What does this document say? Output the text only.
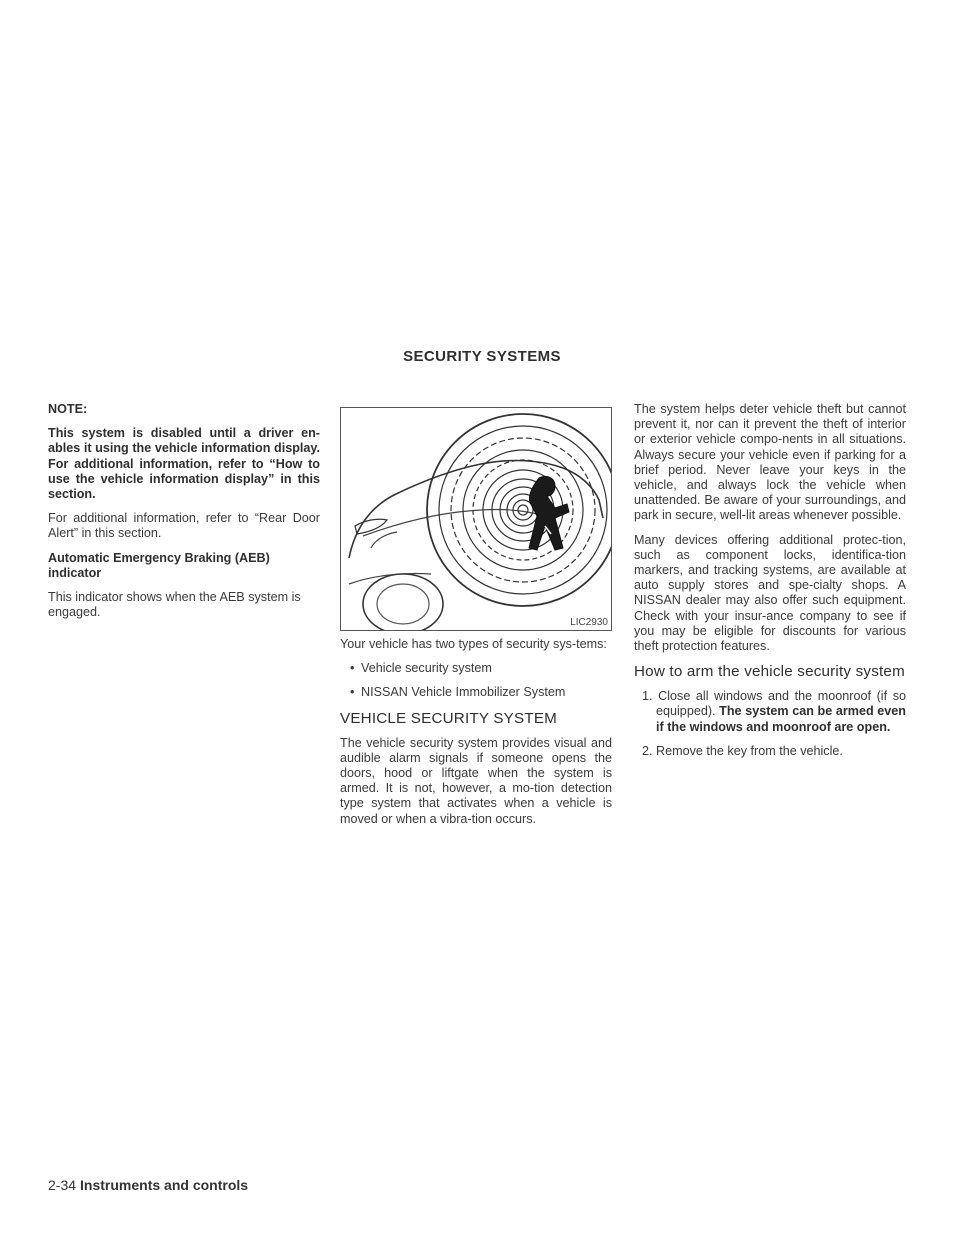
SECURITY SYSTEMS

NOTE:

This system is disabled until a driver en-ables it using the vehicle information display. For additional information, refer to “How to use the vehicle information display” in this section.

For additional information, refer to “Rear Door Alert” in this section.

Automatic Emergency Braking (AEB) indicator

This indicator shows when the AEB system is engaged.

LIC2930

Your vehicle has two types of security sys-tems:

• Vehicle security system
• NISSAN Vehicle Immobilizer System
VEHICLE SECURITY SYSTEM

The vehicle security system provides visual and audible alarm signals if someone opens the doors, hood or liftgate when the system is armed. It is not, however, a mo-tion detection type system that activates when a vehicle is moved or when a vibra-tion occurs.

The system helps deter vehicle theft but cannot prevent it, nor can it prevent the theft of interior or exterior vehicle compo-nents in all situations. Always secure your vehicle even if parking for a brief period. Never leave your keys in the vehicle, and always lock the vehicle when unattended. Be aware of your surroundings, and park in secure, well-lit areas whenever possible.

Many devices offering additional protec-tion, such as component locks, identifica-tion markers, and tracking systems, are available at auto supply stores and spe-cialty shops. A NISSAN dealer may also offer such equipment. Check with your insur-ance company to see if you may be eligible for discounts for various theft protection features.

How to arm the vehicle security system
1. Close all windows and the moonroof (if so equipped). The system can be armed even if the windows and moonroof are open.
2. Remove the key from the vehicle.
2-34 Instruments and controls
